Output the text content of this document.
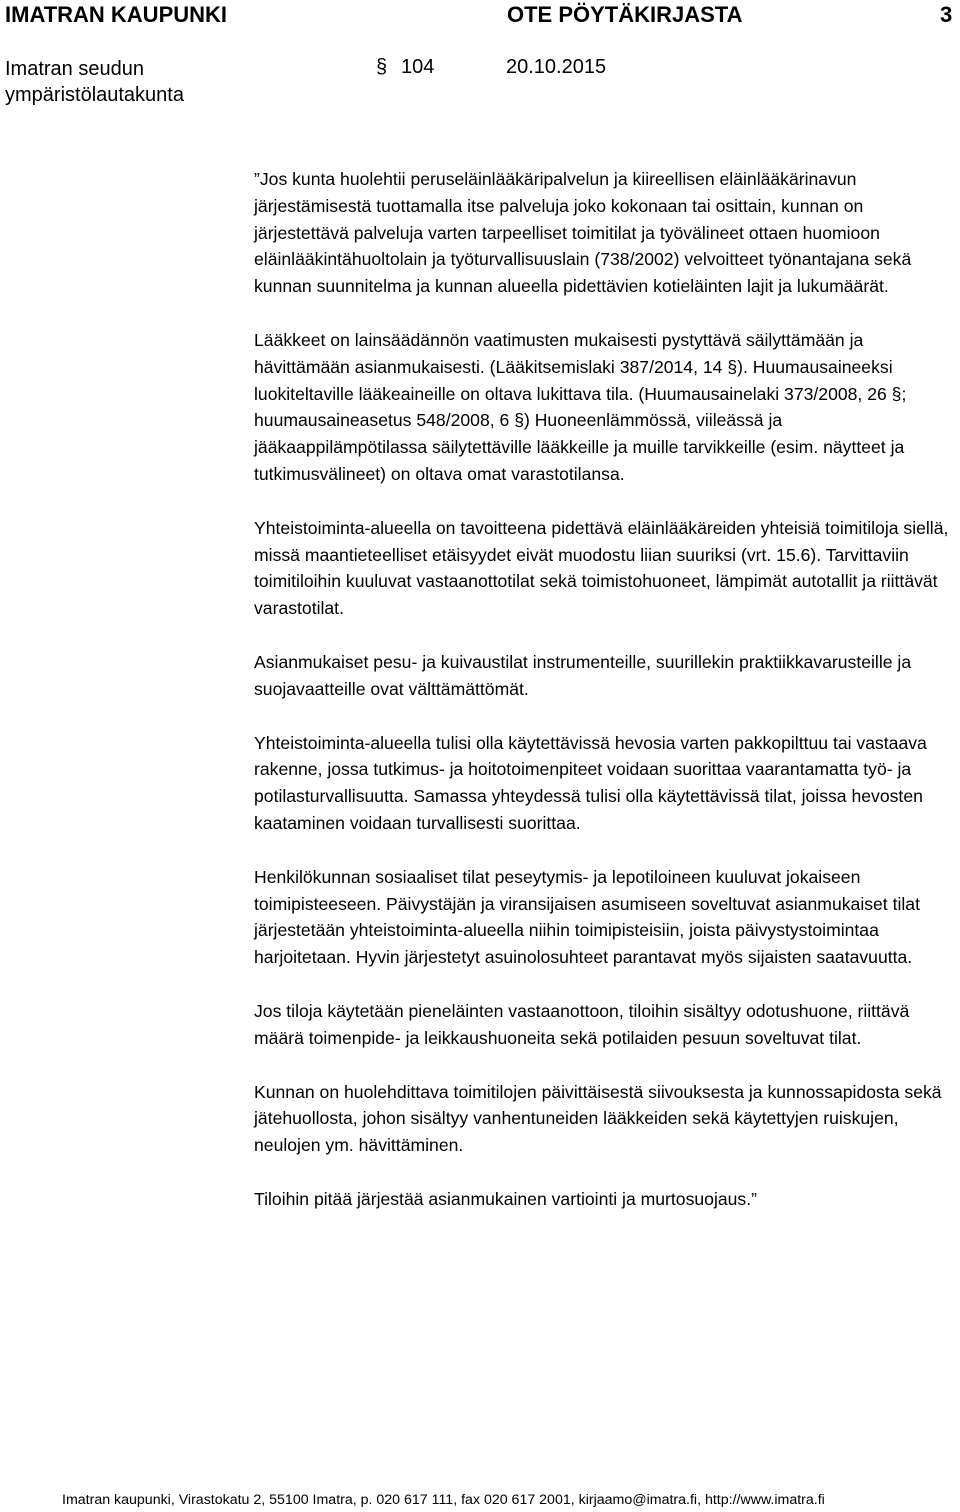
IMATRAN KAUPUNKI	OTE PÖYTÄKIRJASTA	3
Imatran seudun ympäristölautakunta
§ 104	20.10.2015

”Jos kunta huolehtii peruseläinlääkäripalvelun ja kiireellisen eläinlääkärinavun järjestämisestä tuottamalla itse palveluja joko kokonaan tai osittain, kunnan on järjestettävä palveluja varten tarpeelliset toimitilat ja työvälineet ottaen huomioon eläinlääkintähuoltolain ja työturvallisuuslain (738/2002) velvoitteet työnantajana sekä kunnan suunnitelma ja kunnan alueella pidettävien kotieläinten lajit ja lukumäärät.

Lääkkeet on lainsäädännön vaatimusten mukaisesti pystyttävä säilyttämään ja hävittämään asianmukaisesti. (Lääkitsemislaki 387/2014, 14 §). Huumausaineeksi luokiteltaville lääkeaineille on oltava lukittava tila. (Huumausainelaki 373/2008, 26 §; huumausaineasetus 548/2008, 6 §) Huoneenlämmössä, viileässä ja jääkaappilämpötilassa säilytettäville lääkkeille ja muille tarvikkeille (esim. näytteet ja tutkimusvälineet) on oltava omat varastotilansa.

Yhteistoiminta-alueella on tavoitteena pidettävä eläinlääkäreiden yhteisiä toimitiloja siellä, missä maantieteelliset etäisyydet eivät muodostu liian suuriksi (vrt. 15.6). Tarvittaviin toimitiloihin kuuluvat vastaanottotilat sekä toimistohuoneet, lämpimät autotallit ja riittävät varastotilat.

Asianmukaiset pesu- ja kuivaustilat instrumenteille, suurillekin praktiikkavarusteille ja suojavaatteille ovat välttämättömät.

Yhteistoiminta-alueella tulisi olla käytettävissä hevosia varten pakkopilttuu tai vastaava rakenne, jossa tutkimus- ja hoitotoimenpiteet voidaan suorittaa vaarantamatta työ- ja potilasturvallisuutta. Samassa yhteydessä tulisi olla käytettävissä tilat, joissa hevosten kaataminen voidaan turvallisesti suorittaa.

Henkilökunnan sosiaaliset tilat peseytymis- ja lepotiloineen kuuluvat jokaiseen toimipisteeseen. Päivystäjän ja viransijaisen asumiseen soveltuvat asianmukaiset tilat järjestetään yhteistoiminta-alueella niihin toimipisteisiin, joista päivystystoimintaa harjoitetaan. Hyvin järjestetyt asuinolosuhteet parantavat myös sijaisten saatavuutta.

Jos tiloja käytetään pieneläinten vastaanottoon, tiloihin sisältyy odotushuone, riittävä määrä toimenpide- ja leikkaushuoneita sekä potilaiden pesuun soveltuvat tilat.

Kunnan on huolehdittava toimitilojen päivittäisestä siivouksesta ja kunnossapidosta sekä jätehuollosta, johon sisältyy vanhentuneiden lääkkeiden sekä käytettyjen ruiskujen, neulojen ym. hävittäminen.

Tiloihin pitää järjestää asianmukainen vartiointi ja murtosuojaus.”

Imatran kaupunki, Virastokatu 2, 55100 Imatra, p. 020 617 111, fax 020 617 2001, kirjaamo@imatra.fi, http://www.imatra.fi
